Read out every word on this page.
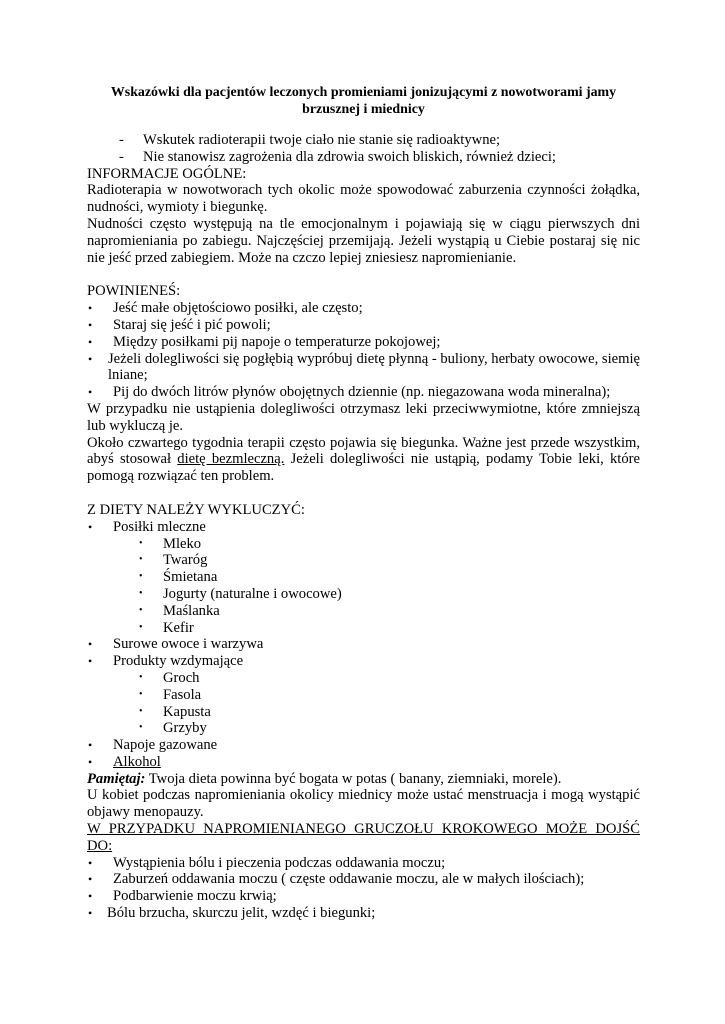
Wskazówki dla pacjentów leczonych promieniami jonizującymi z nowotworami jamy brzusznej i miednicy
- Wskutek radioterapii twoje ciało nie stanie się radioaktywne;
- Nie stanowisz zagrożenia dla zdrowia swoich bliskich, również dzieci;

INFORMACJE OGÓLNE:

Radioterapia w nowotworach tych okolic może spowodować zaburzenia czynności żołądka, nudności, wymioty i biegunkę.

Nudności często występują na tle emocjonalnym i pojawiają się w ciągu pierwszych dni napromieniania po zabiegu. Najczęściej przemijają. Jeżeli wystąpią u Ciebie postaraj się nic nie jeść przed zabiegiem. Może na czczo lepiej zniesiesz napromienianie.

POWINIENEŚ:

• Jeść małe objętościowo posiłki, ale często;
• Staraj się jeść i pić powoli;
• Między posiłkami pij napoje o temperaturze pokojowej;
• Jeżeli dolegliwości się pogłębią wypróbuj dietę płynną - buliony, herbaty owocowe, siemię lniane;
• Pij do dwóch litrów płynów obojętnych dziennie (np. niegazowana woda mineralna);

W przypadku nie ustąpienia dolegliwości otrzymasz leki przeciwwymiotne, które zmniejszą lub wykluczą je.

Około czwartego tygodnia terapii często pojawia się biegunka. Ważne jest przede wszystkim, abyś stosował dietę bezmleczną. Jeżeli dolegliwości nie ustąpią, podamy Tobie leki, które pomogą rozwiązać ten problem.

Z DIETY NALEŻY WYKLUCZYĆ:

• Posiłki mleczne
• Mleko
• Twaróg
• Śmietana
• Jogurty (naturalne i owocowe)
• Maślanka
• Kefir
• Surowe owoce i warzywa
• Produkty wzdymające
• Groch
• Fasola
• Kapusta
• Grzyby
• Napoje gazowane
• Alkohol

Pamiętaj: Twoja dieta powinna być bogata w potas ( banany, ziemniaki, morele).

U kobiet podczas napromieniania okolicy miednicy może ustać menstruacja i mogą wystąpić objawy menopauzy.

W PRZYPADKU NAPROMIENIANEGO GRUCZOŁU KROKOWEGO MOŻE DOJŚĆ DO:

• Wystąpienia bólu i pieczenia podczas oddawania moczu;
• Zaburzeń oddawania moczu ( częste oddawanie moczu, ale w małych ilościach);
• Podbarwienie moczu krwią;
• Bólu brzucha, skurczu jelit, wzdęć i biegunki;
